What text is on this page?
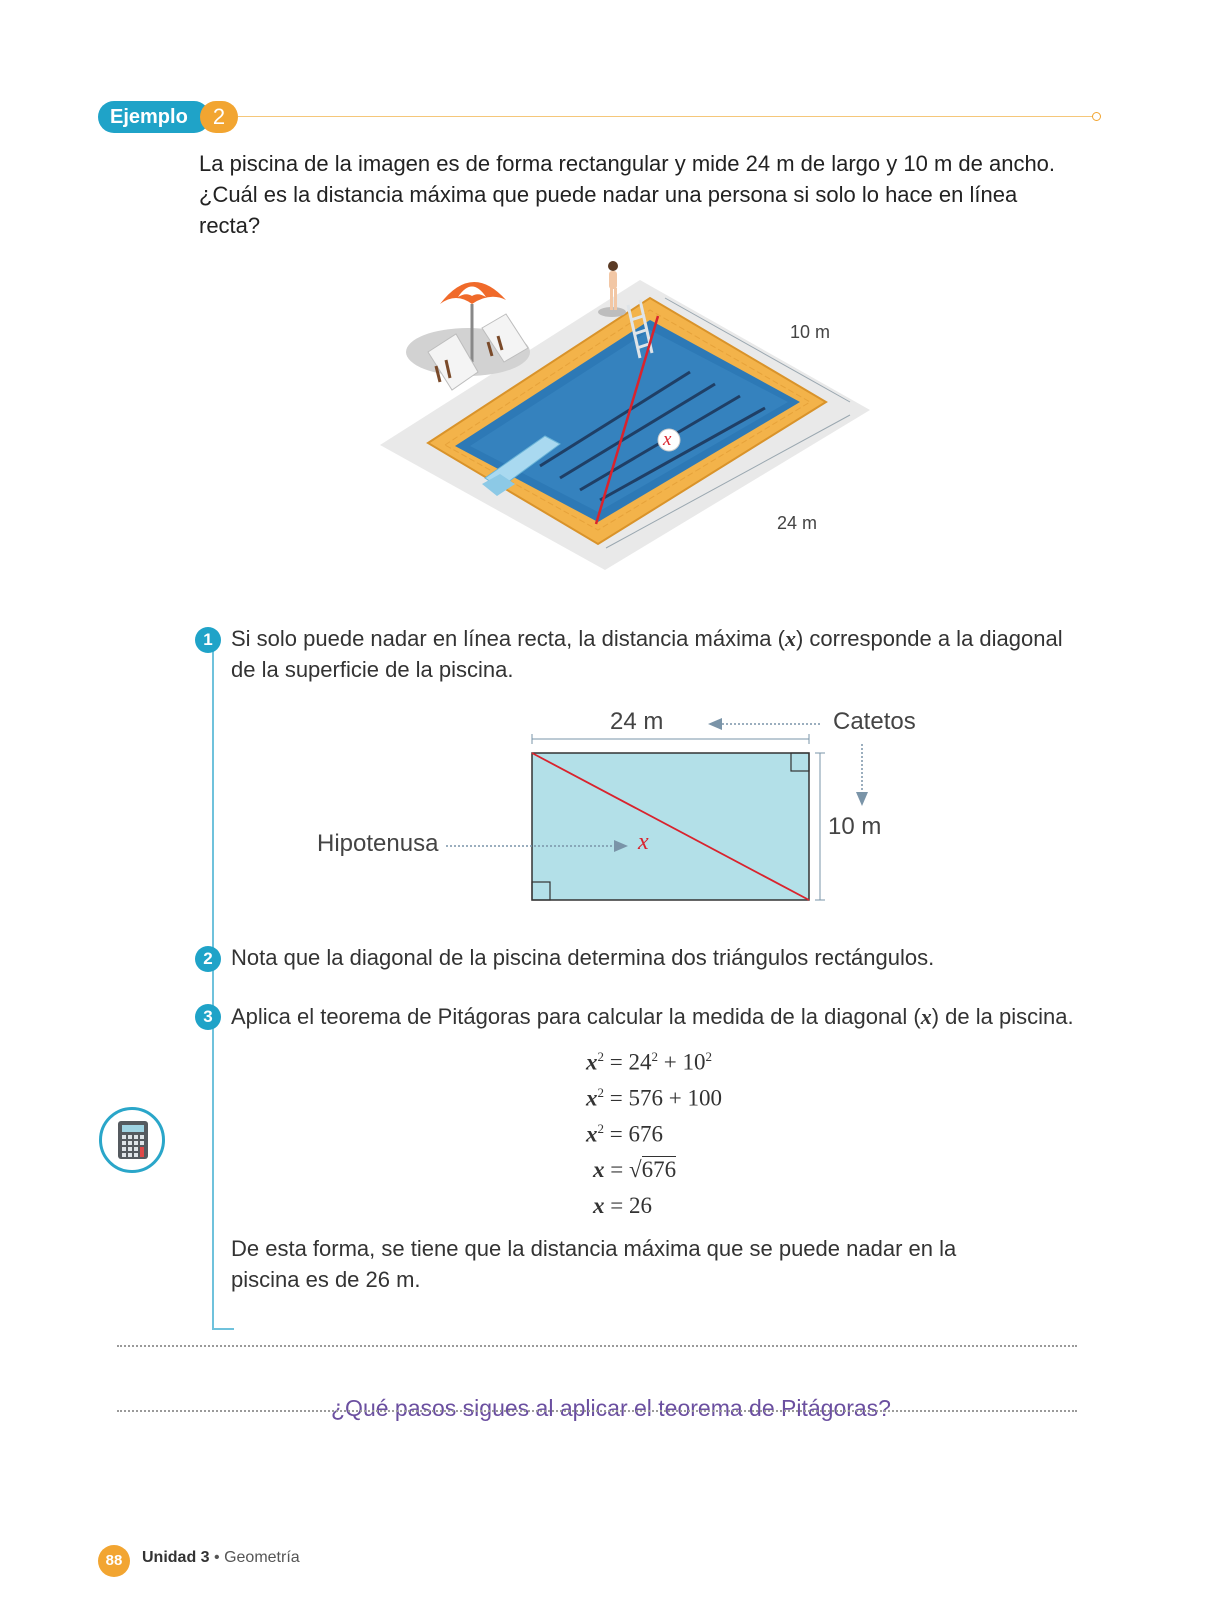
Ejemplo	2
La piscina de la imagen es de forma rectangular y mide 24 m de largo y 10 m de ancho. ¿Cuál es la distancia máxima que puede nadar una persona si solo lo hace en línea recta?
x
10 m
24 m
1 Si solo puede nadar en línea recta, la distancia máxima (x) corresponde a la diagonal de la superficie de la piscina.
24 m	Catetos
10 m
Hipotenusa	x
2 Nota que la diagonal de la piscina determina dos triángulos rectángulos.
3 Aplica el teorema de Pitágoras para calcular la medida de la diagonal (x) de la piscina.
$x^2 = 24^2 + 10^2$
$x^2 = 576 + 100$
$x^2 = 676$
x = √676
x = 26
De esta forma, se tiene que la distancia máxima que se puede nadar en la piscina es de 26 m.
¿Qué pasos sigues al aplicar el teorema de Pitágoras?
88	Unidad 3 • Geometría
